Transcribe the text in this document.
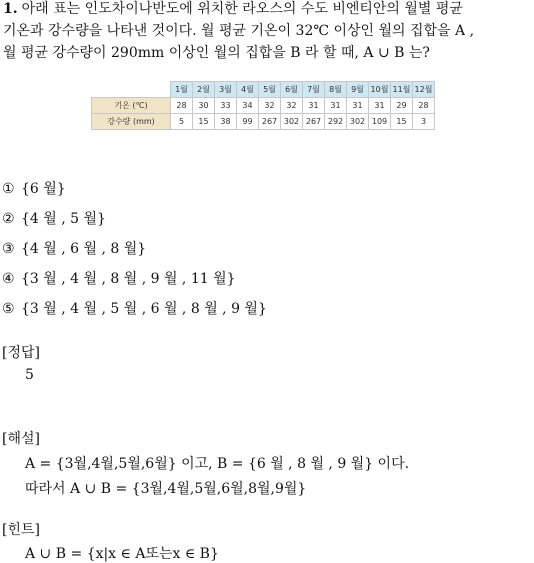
1. 아래 표는 인도차이나반도에 위치한 라오스의 수도 비엔티안의 월별 평균
기온과 강수량을 나타낸 것이다. 월 평균 기온이 32℃ 이상인 월의 집합을 A ,
월 평균 강수량이 290mm 이상인 월의 집합을 B 라 할 때, A ∪ B 는?
	1월	2월	3월	4월	5월	6월	7월	8월	9월	10월	11월	12월
기온 (℃)	28	30	33	34	32	32	31	31	31	31	29	28
강수량 (mm)	5	15	38	99	267	302	267	292	302	109	15	3
① {6 월}
② {4 월 , 5 월}
③ {4 월 , 6 월 , 8 월}
④ {3 월 , 4 월 , 8 월 , 9 월 , 11 월}
⑤ {3 월 , 4 월 , 5 월 , 6 월 , 8 월 , 9 월}
[정답]
5
[해설]
A = {3월,4월,5월,6월} 이고, B = {6 월 , 8 월 , 9 월} 이다.
따라서 A ∪ B = {3월,4월,5월,6월,8월,9월}
[힌트]
A ∪ B = {x|x ∈ A또는x ∈ B}
